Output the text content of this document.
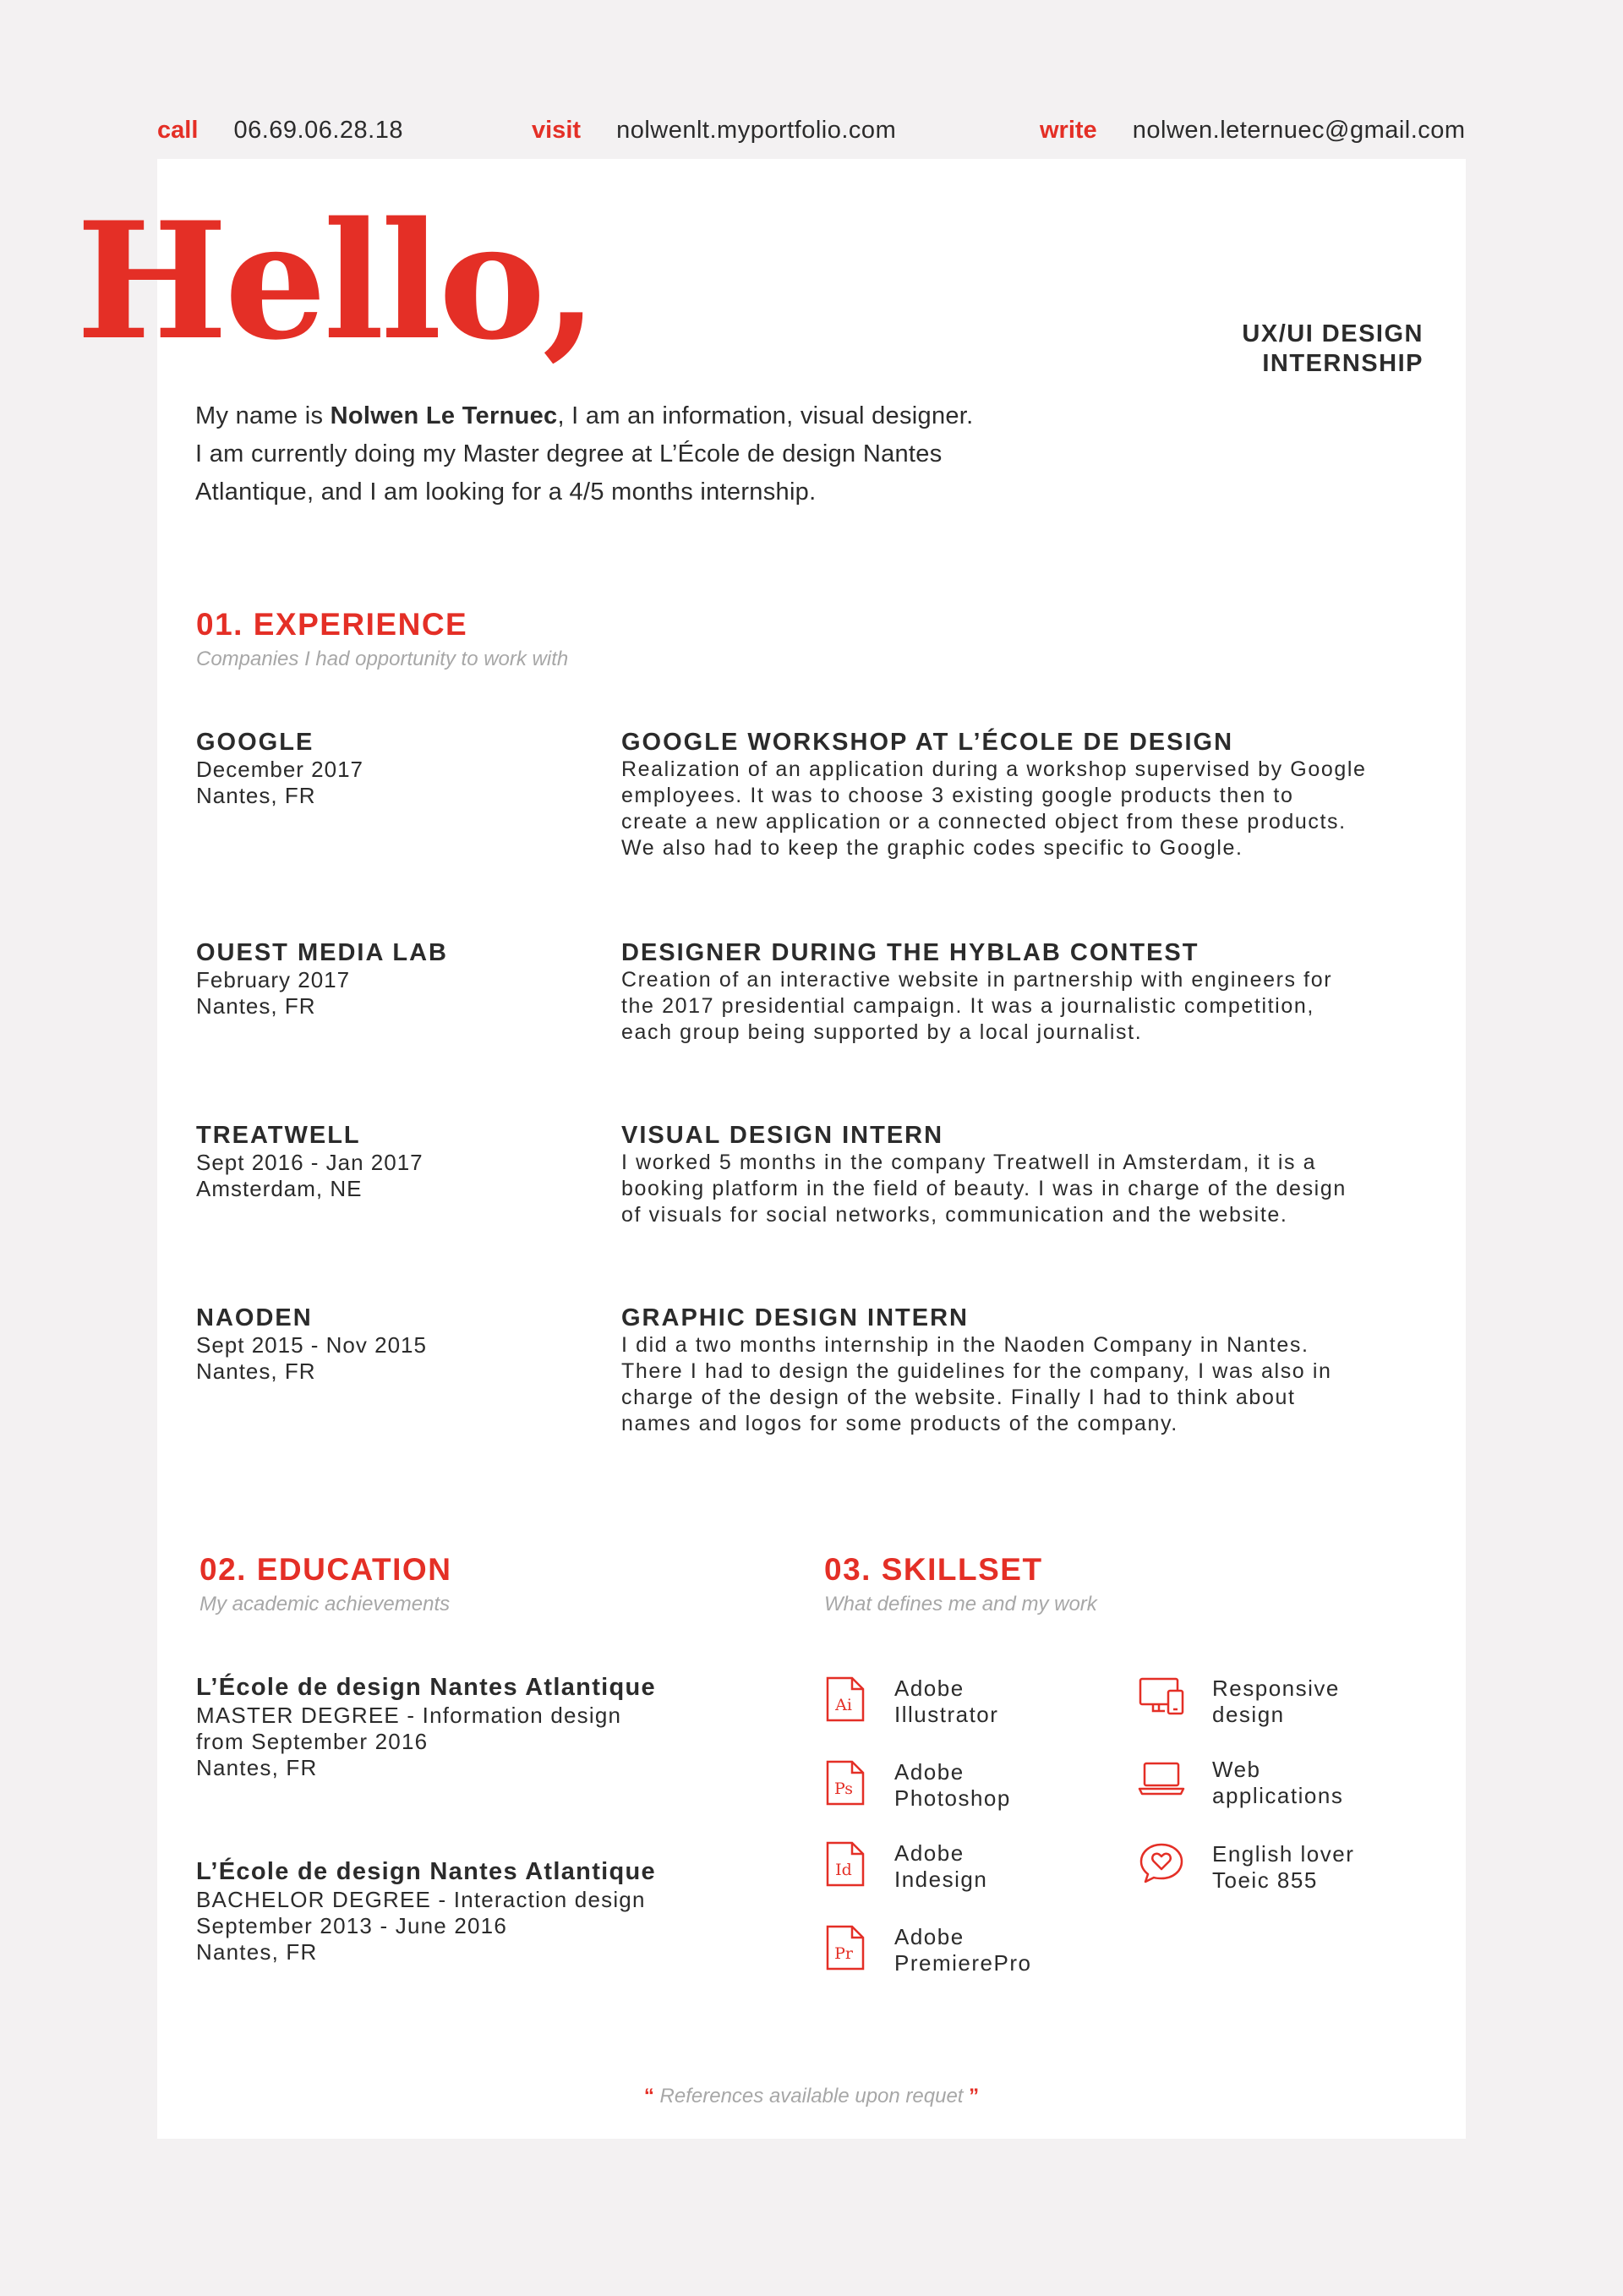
call 06.69.06.28.18	visit nolwenlt.myportfolio.com	write nolwen.leternuec@gmail.com
Hello,	UX/UI DESIGN
INTERNSHIP
My name is Nolwen Le Ternuec, I am an information, visual designer.
I am currently doing my Master degree at L’École de design Nantes
Atlantique, and I am looking for a 4/5 months internship.
01. EXPERIENCE
Companies I had opportunity to work with
GOOGLE
December 2017
Nantes, FR
GOOGLE WORKSHOP AT L’ÉCOLE DE DESIGN
Realization of an application during a workshop supervised by Google
employees. It was to choose 3 existing google products then to
create a new application or a connected object from these products.
We also had to keep the graphic codes specific to Google.
OUEST MEDIA LAB
February 2017
Nantes, FR
DESIGNER DURING THE HYBLAB CONTEST
Creation of an interactive website in partnership with engineers for
the 2017 presidential campaign. It was a journalistic competition,
each group being supported by a local journalist.
TREATWELL
Sept 2016 - Jan 2017
Amsterdam, NE
VISUAL DESIGN INTERN
I worked 5 months in the company Treatwell in Amsterdam, it is a
booking platform in the field of beauty. I was in charge of the design
of visuals for social networks, communication and the website.
NAODEN
Sept 2015 - Nov 2015
Nantes, FR
GRAPHIC DESIGN INTERN
I did a two months internship in the Naoden Company in Nantes.
There I had to design the guidelines for the company, I was also in
charge of the design of the website. Finally I had to think about
names and logos for some products of the company.
02. EDUCATION
My academic achievements
L’École de design Nantes Atlantique
MASTER DEGREE - Information design
from September 2016
Nantes, FR
L’École de design Nantes Atlantique
BACHELOR DEGREE - Interaction design
September 2013 - June 2016
Nantes, FR
03. SKILLSET
What defines me and my work
Ai
Adobe
Illustrator
Ps
Adobe
Photoshop
Id
Adobe
Indesign
Pr
Adobe
PremierePro
Responsive
design
Web
applications
English lover
Toeic 855
“ References available upon requet ”
